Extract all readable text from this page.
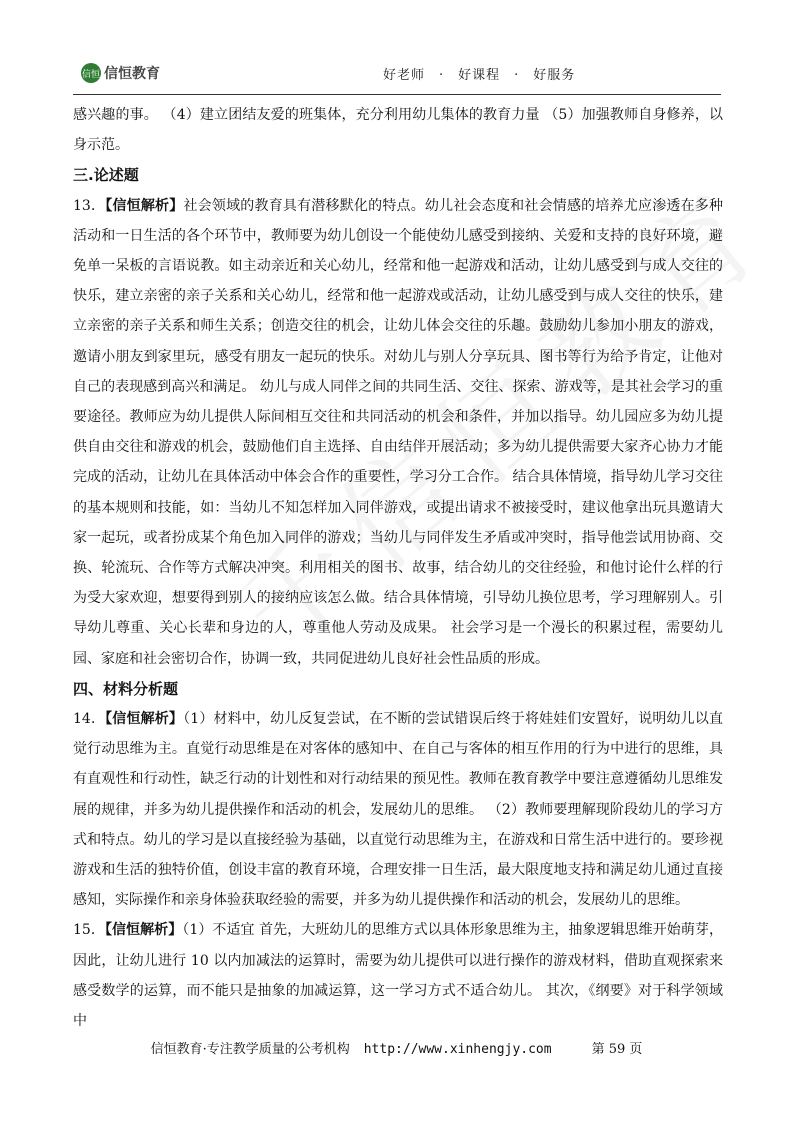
信恒 信恒教育	好老师　·　好课程　·　好服务

感兴趣的事。 （4）建立团结友爱的班集体，充分利用幼儿集体的教育力量 （5）加强教师自身修养，以身示范。

三.论述题

13．【信恒解析】社会领域的教育具有潜移默化的特点。幼儿社会态度和社会情感的培养尤应渗透在多种活动和一日生活的各个环节中，教师要为幼儿创设一个能使幼儿感受到接纳、关爱和支持的良好环境，避免单一呆板的言语说教。如主动亲近和关心幼儿，经常和他一起游戏和活动，让幼儿感受到与成人交往的快乐，建立亲密的亲子关系和关心幼儿，经常和他一起游戏或活动，让幼儿感受到与成人交往的快乐，建立亲密的亲子关系和师生关系；创造交往的机会，让幼儿体会交往的乐趣。鼓励幼儿参加小朋友的游戏，邀请小朋友到家里玩，感受有朋友一起玩的快乐。对幼儿与别人分享玩具、图书等行为给予肯定，让他对自己的表现感到高兴和满足。 幼儿与成人同伴之间的共同生活、交往、探索、游戏等，是其社会学习的重要途径。教师应为幼儿提供人际间相互交往和共同活动的机会和条件，并加以指导。幼儿园应多为幼儿提供自由交往和游戏的机会，鼓励他们自主选择、自由结伴开展活动；多为幼儿提供需要大家齐心协力才能完成的活动，让幼儿在具体活动中体会合作的重要性，学习分工合作。 结合具体情境，指导幼儿学习交往的基本规则和技能，如：当幼儿不知怎样加入同伴游戏，或提出请求不被接受时，建议他拿出玩具邀请大家一起玩，或者扮成某个角色加入同伴的游戏；当幼儿与同伴发生矛盾或冲突时，指导他尝试用协商、交换、轮流玩、合作等方式解决冲突。利用相关的图书、故事，结合幼儿的交往经验，和他讨论什么样的行为受大家欢迎，想要得到别人的接纳应该怎么做。结合具体情境，引导幼儿换位思考，学习理解别人。引导幼儿尊重、关心长辈和身边的人，尊重他人劳动及成果。 社会学习是一个漫长的积累过程，需要幼儿园、家庭和社会密切合作，协调一致，共同促进幼儿良好社会性品质的形成。

四、材料分析题

14．【信恒解析】（1）材料中，幼儿反复尝试，在不断的尝试错误后终于将娃娃们安置好，说明幼儿以直觉行动思维为主。直觉行动思维是在对客体的感知中、在自己与客体的相互作用的行为中进行的思维，具有直观性和行动性，缺乏行动的计划性和对行动结果的预见性。教师在教育教学中要注意遵循幼儿思维发展的规律，并多为幼儿提供操作和活动的机会，发展幼儿的思维。 （2）教师要理解现阶段幼儿的学习方式和特点。幼儿的学习是以直接经验为基础，以直觉行动思维为主，在游戏和日常生活中进行的。要珍视游戏和生活的独特价值，创设丰富的教育环境，合理安排一日生活，最大限度地支持和满足幼儿通过直接感知，实际操作和亲身体验获取经验的需要，并多为幼儿提供操作和活动的机会，发展幼儿的思维。

15．【信恒解析】（1）不适宜 首先，大班幼儿的思维方式以具体形象思维为主，抽象逻辑思维开始萌芽，因此，让幼儿进行 10 以内加减法的运算时，需要为幼儿提供可以进行操作的游戏材料，借助直观探索来感受数学的运算，而不能只是抽象的加减运算，这一学习方式不适合幼儿。 其次，《纲要》对于科学领域中

信恒教育·专注教学质量的公考机构 http://www.xinhengjy.com	第 59 页
